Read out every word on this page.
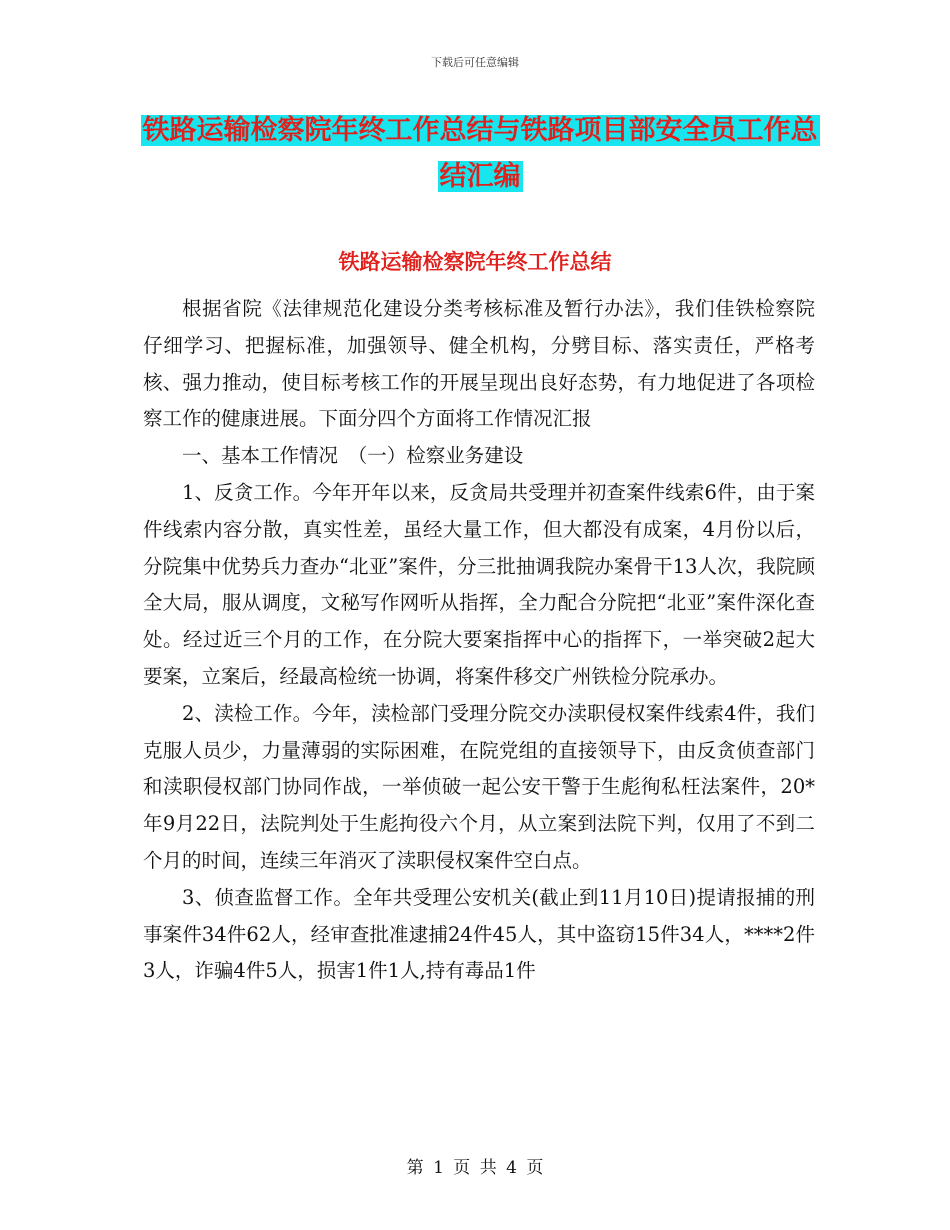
下载后可任意编辑
铁路运输检察院年终工作总结与铁路项目部安全员工作总结汇编
铁路运输检察院年终工作总结

根据省院《法律规范化建设分类考核标准及暂行办法》，我们佳铁检察院仔细学习、把握标准，加强领导、健全机构，分劈目标、落实责任，严格考核、强力推动，使目标考核工作的开展呈现出良好态势，有力地促进了各项检察工作的健康进展。下面分四个方面将工作情况汇报

一、基本工作情况　（一）检察业务建设

1、反贪工作。今年开年以来，反贪局共受理并初查案件线索6件，由于案件线索内容分散，真实性差，虽经大量工作，但大都没有成案，4月份以后，分院集中优势兵力查办“北亚”案件，分三批抽调我院办案骨干13人次，我院顾全大局，服从调度，文秘写作网听从指挥，全力配合分院把“北亚”案件深化查处。经过近三个月的工作，在分院大要案指挥中心的指挥下，一举突破2起大要案，立案后，经最高检统一协调，将案件移交广州铁检分院承办。

2、渎检工作。今年，渎检部门受理分院交办渎职侵权案件线索4件，我们克服人员少，力量薄弱的实际困难，在院党组的直接领导下，由反贪侦查部门和渎职侵权部门协同作战，一举侦破一起公安干警于生彪徇私枉法案件，20*年9月22日，法院判处于生彪拘役六个月，从立案到法院下判，仅用了不到二个月的时间，连续三年消灭了渎职侵权案件空白点。

3、侦查监督工作。全年共受理公安机关(截止到11月10日)提请报捕的刑事案件34件62人，经审查批准逮捕24件45人，其中盗窃15件34人，****2件3人，诈骗4件5人，损害1件1人,持有毒品1件

第 1 页 共 4 页
